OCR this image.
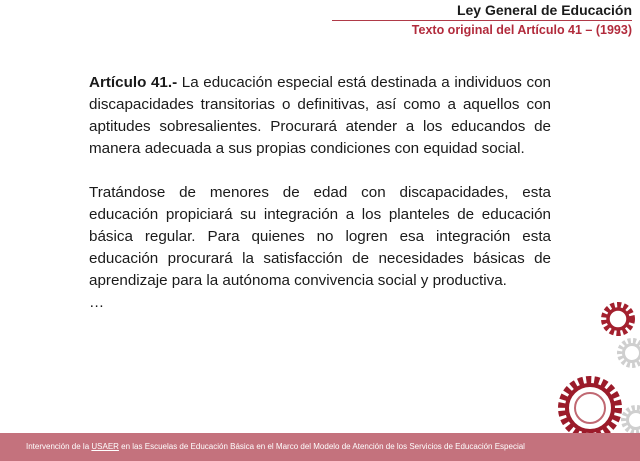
Ley General de Educación
Texto original del Artículo 41 – (1993)

Artículo 41.- La educación especial está destinada a individuos con discapacidades transitorias o definitivas, así como a aquellos con aptitudes sobresalientes. Procurará atender a los educandos de manera adecuada a sus propias condiciones con equidad social.

Tratándose de menores de edad con discapacidades, esta educación propiciará su integración a los planteles de educación básica regular. Para quienes no logren esa integración esta educación procurará la satisfacción de necesidades básicas de aprendizaje para la autónoma convivencia social y productiva.

…

Intervención de la USAER en las Escuelas de Educación Básica en el Marco del Modelo de Atención de los Servicios de Educación Especial
